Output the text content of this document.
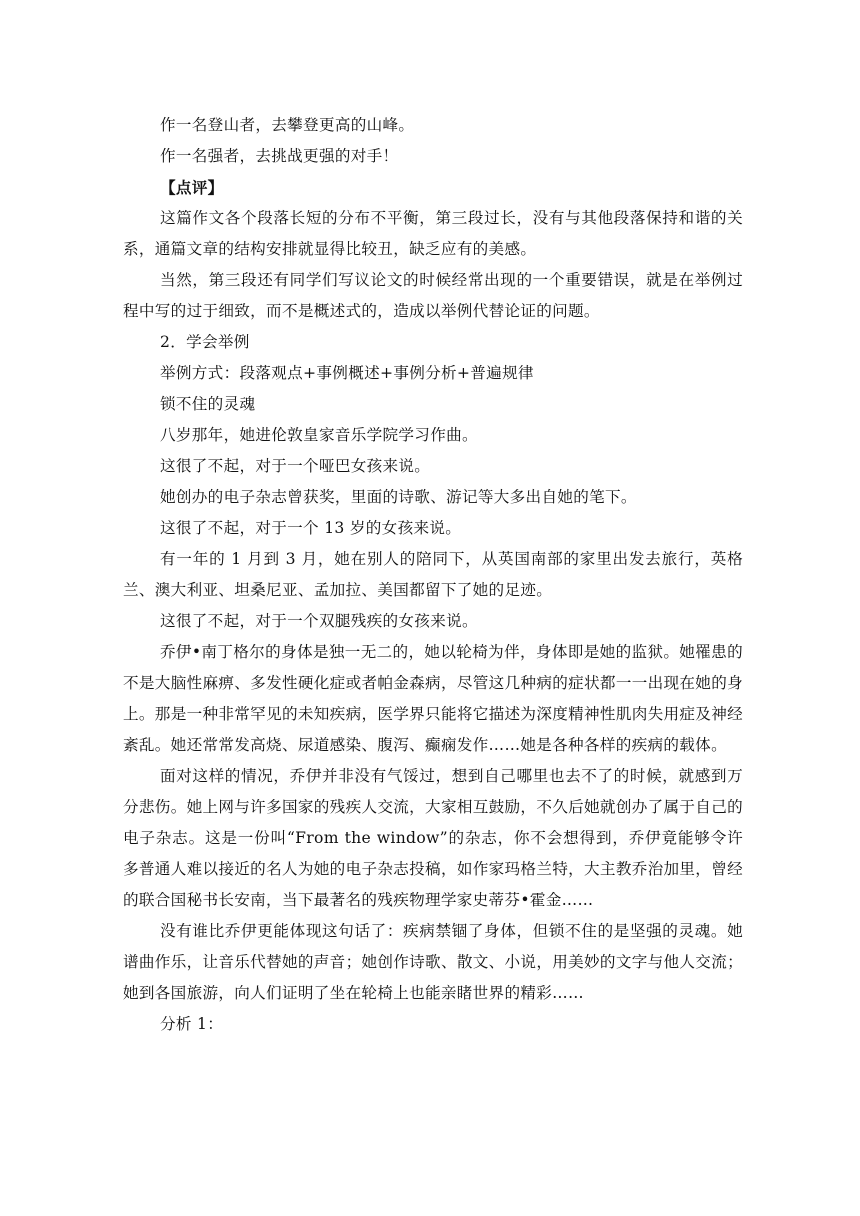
作一名登山者，去攀登更高的山峰。

作一名强者，去挑战更强的对手！

【点评】

这篇作文各个段落长短的分布不平衡，第三段过长，没有与其他段落保持和谐的关系，通篇文章的结构安排就显得比较丑，缺乏应有的美感。

当然，第三段还有同学们写议论文的时候经常出现的一个重要错误，就是在举例过程中写的过于细致，而不是概述式的，造成以举例代替论证的问题。

2．学会举例

举例方式：段落观点+事例概述+事例分析+普遍规律

锁不住的灵魂

八岁那年，她进伦敦皇家音乐学院学习作曲。

这很了不起，对于一个哑巴女孩来说。

她创办的电子杂志曾获奖，里面的诗歌、游记等大多出自她的笔下。

这很了不起，对于一个 13 岁的女孩来说。

有一年的 1 月到 3 月，她在别人的陪同下，从英国南部的家里出发去旅行，英格兰、澳大利亚、坦桑尼亚、孟加拉、美国都留下了她的足迹。

这很了不起，对于一个双腿残疾的女孩来说。

乔伊•南丁格尔的身体是独一无二的，她以轮椅为伴，身体即是她的监狱。她罹患的不是大脑性麻痹、多发性硬化症或者帕金森病，尽管这几种病的症状都一一出现在她的身上。那是一种非常罕见的未知疾病，医学界只能将它描述为深度精神性肌肉失用症及神经紊乱。她还常常发高烧、尿道感染、腹泻、癫痫发作……她是各种各样的疾病的载体。

面对这样的情况，乔伊并非没有气馁过，想到自己哪里也去不了的时候，就感到万分悲伤。她上网与许多国家的残疾人交流，大家相互鼓励，不久后她就创办了属于自己的电子杂志。这是一份叫“From the window”的杂志，你不会想得到，乔伊竟能够令许多普通人难以接近的名人为她的电子杂志投稿，如作家玛格兰特，大主教乔治加里，曾经的联合国秘书长安南，当下最著名的残疾物理学家史蒂芬•霍金……

没有谁比乔伊更能体现这句话了：疾病禁锢了身体，但锁不住的是坚强的灵魂。她谱曲作乐，让音乐代替她的声音；她创作诗歌、散文、小说，用美妙的文字与他人交流；她到各国旅游，向人们证明了坐在轮椅上也能亲睹世界的精彩……

分析 1：
